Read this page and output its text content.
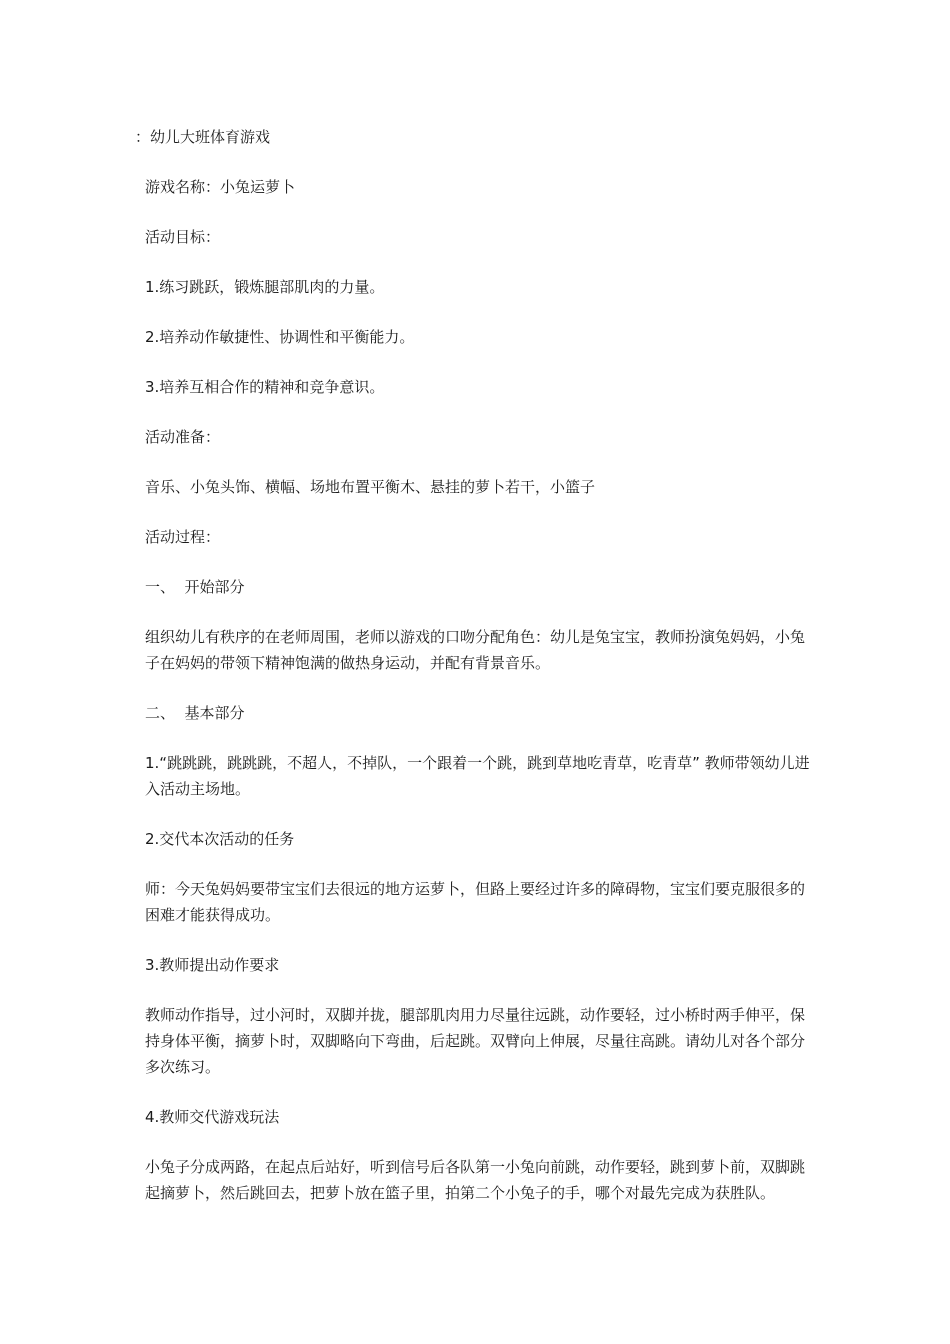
：幼儿大班体育游戏

游戏名称：小兔运萝卜

活动目标：

1.练习跳跃，锻炼腿部肌肉的力量。

2.培养动作敏捷性、协调性和平衡能力。

3.培养互相合作的精神和竞争意识。

活动准备：

音乐、小兔头饰、横幅、场地布置平衡木、悬挂的萝卜若干，小篮子

活动过程：

一、  开始部分

组织幼儿有秩序的在老师周围，老师以游戏的口吻分配角色：幼儿是兔宝宝，教师扮演兔妈妈，小兔子在妈妈的带领下精神饱满的做热身运动，并配有背景音乐。

二、  基本部分

1.“跳跳跳，跳跳跳，不超人，不掉队，一个跟着一个跳，跳到草地吃青草，吃青草” 教师带领幼儿进入活动主场地。

2.交代本次活动的任务

师：今天兔妈妈要带宝宝们去很远的地方运萝卜，但路上要经过许多的障碍物，宝宝们要克服很多的困难才能获得成功。

3.教师提出动作要求

教师动作指导，过小河时，双脚并拢，腿部肌肉用力尽量往远跳，动作要轻，过小桥时两手伸平，保持身体平衡，摘萝卜时，双脚略向下弯曲，后起跳。双臂向上伸展，尽量往高跳。请幼儿对各个部分多次练习。

4.教师交代游戏玩法

小兔子分成两路，在起点后站好，听到信号后各队第一小兔向前跳，动作要轻，跳到萝卜前，双脚跳起摘萝卜，然后跳回去，把萝卜放在篮子里，拍第二个小兔子的手，哪个对最先完成为获胜队。
